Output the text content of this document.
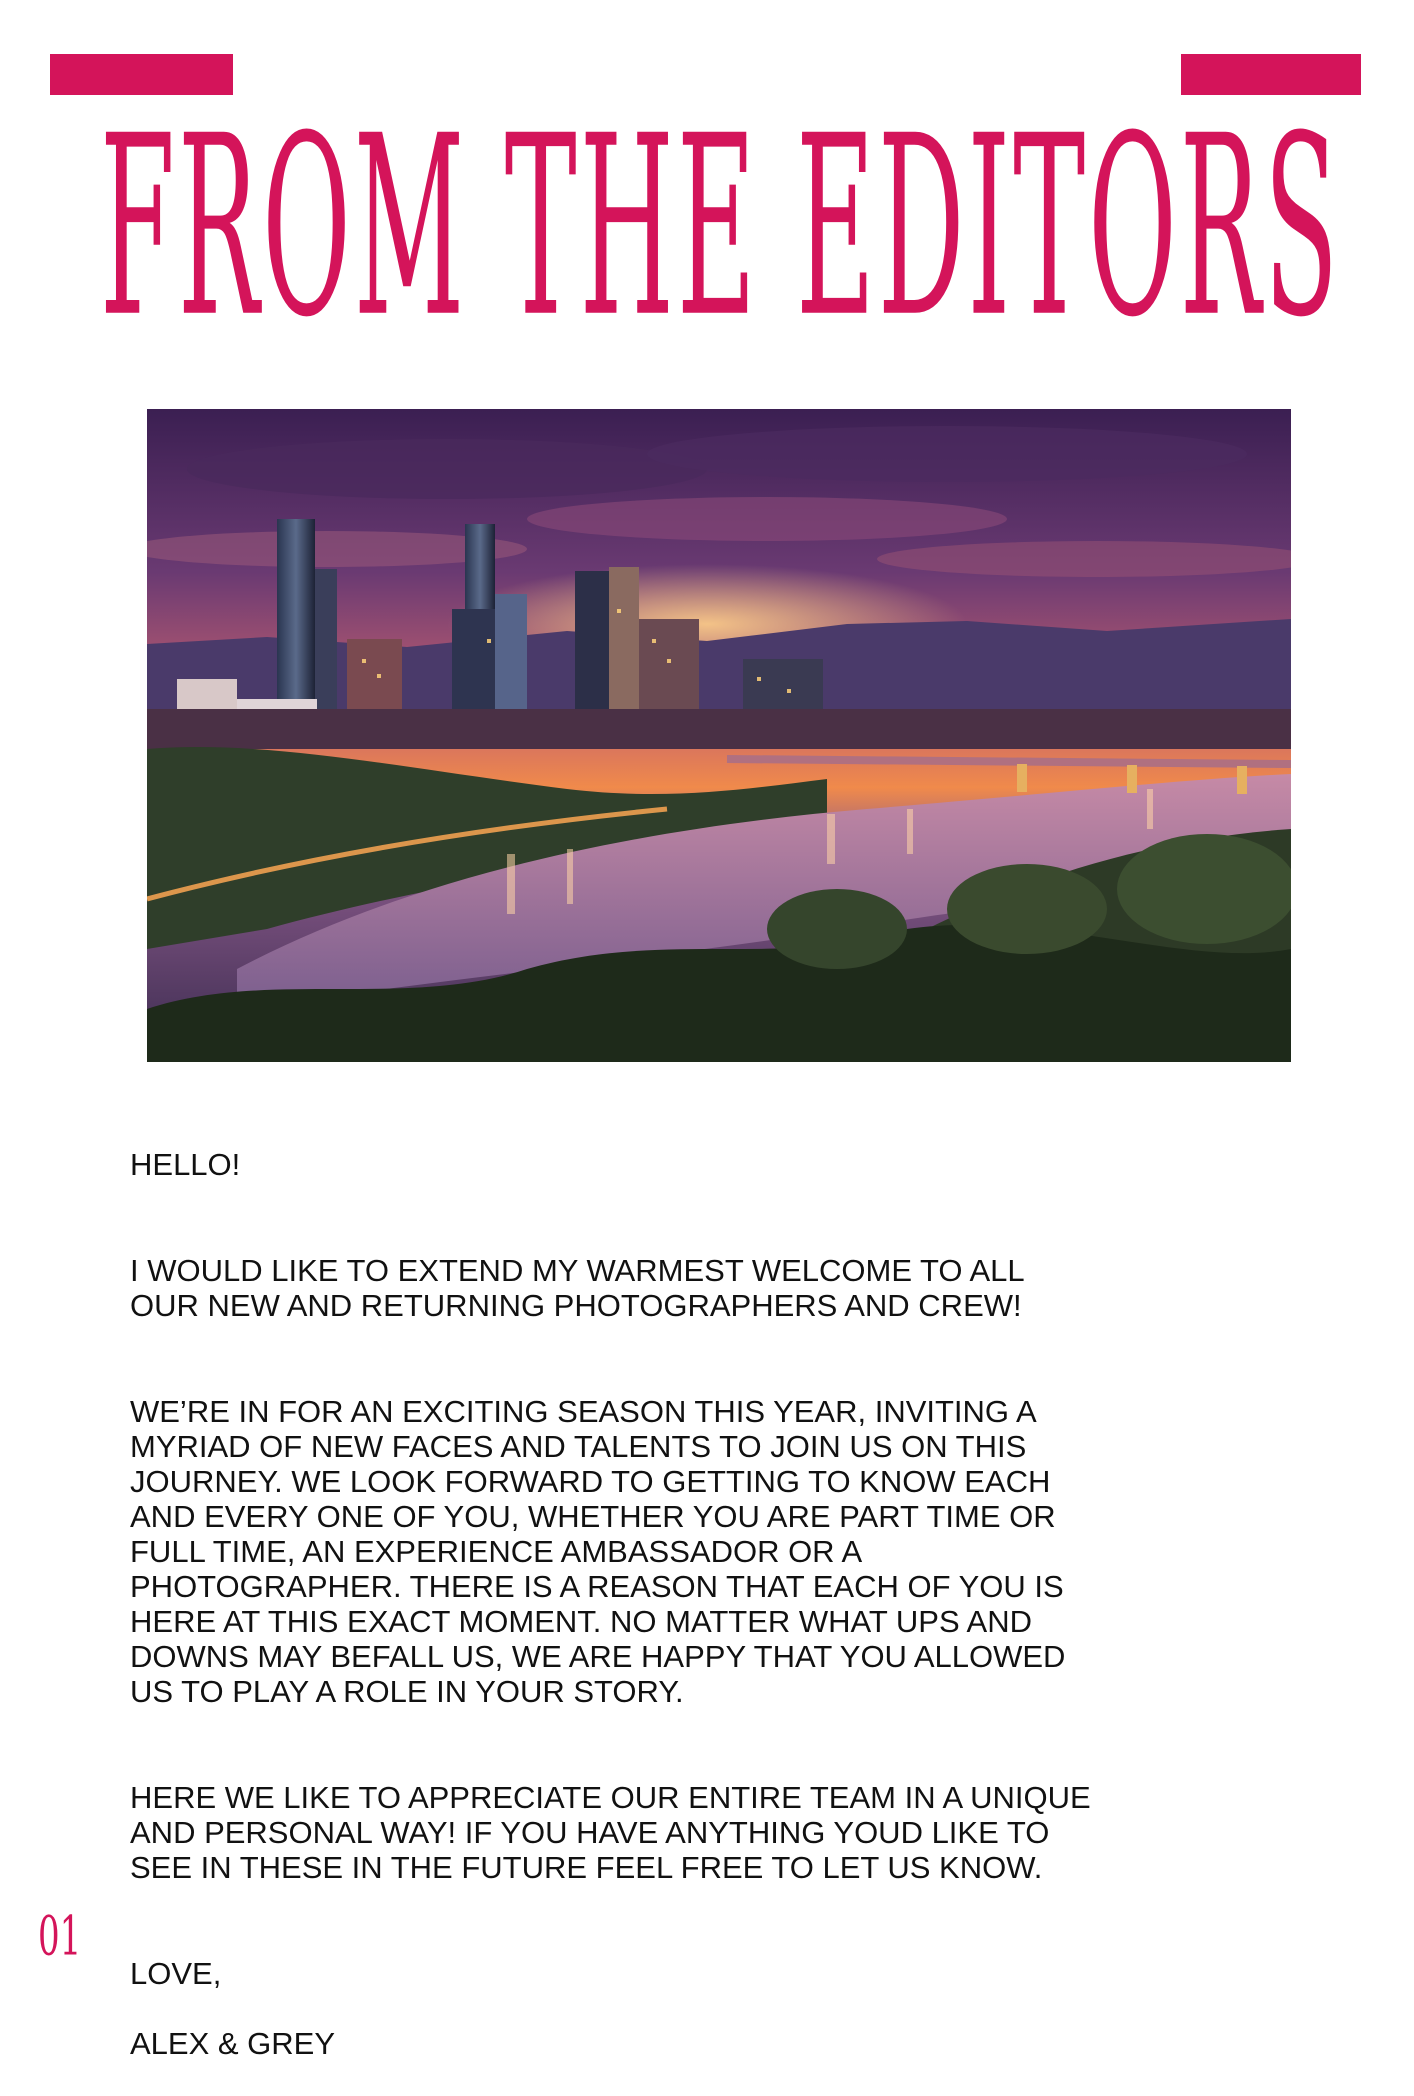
FROM THE EDITORS

HELLO!

I WOULD LIKE TO EXTEND MY WARMEST WELCOME TO ALL
OUR NEW AND RETURNING PHOTOGRAPHERS AND CREW!

WE’RE IN FOR AN EXCITING SEASON THIS YEAR, INVITING A
MYRIAD OF NEW FACES AND TALENTS TO JOIN US ON THIS
JOURNEY. WE LOOK FORWARD TO GETTING TO KNOW EACH
AND EVERY ONE OF YOU, WHETHER YOU ARE PART TIME OR
FULL TIME, AN EXPERIENCE AMBASSADOR OR A
PHOTOGRAPHER. THERE IS A REASON THAT EACH OF YOU IS
HERE AT THIS EXACT MOMENT. NO MATTER WHAT UPS AND
DOWNS MAY BEFALL US, WE ARE HAPPY THAT YOU ALLOWED
US TO PLAY A ROLE IN YOUR STORY.

HERE WE LIKE TO APPRECIATE OUR ENTIRE TEAM IN A UNIQUE
AND PERSONAL WAY! IF YOU HAVE ANYTHING YOUD LIKE TO
SEE IN THESE IN THE FUTURE FEEL FREE TO LET US KNOW.

LOVE,

ALEX & GREY

01
